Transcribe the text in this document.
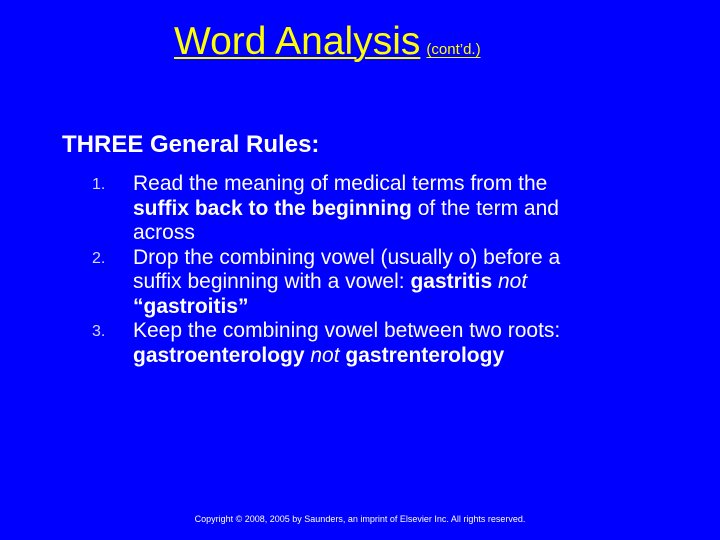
Word Analysis (cont’d.)
THREE General Rules:
1. Read the meaning of medical terms from the suffix back to the beginning of the term and across
2. Drop the combining vowel (usually o) before a suffix beginning with a vowel: gastritis not “gastroitis”
3. Keep the combining vowel between two roots: gastroenterology not gastrenterology
Copyright © 2008, 2005 by Saunders, an imprint of Elsevier Inc. All rights reserved.
